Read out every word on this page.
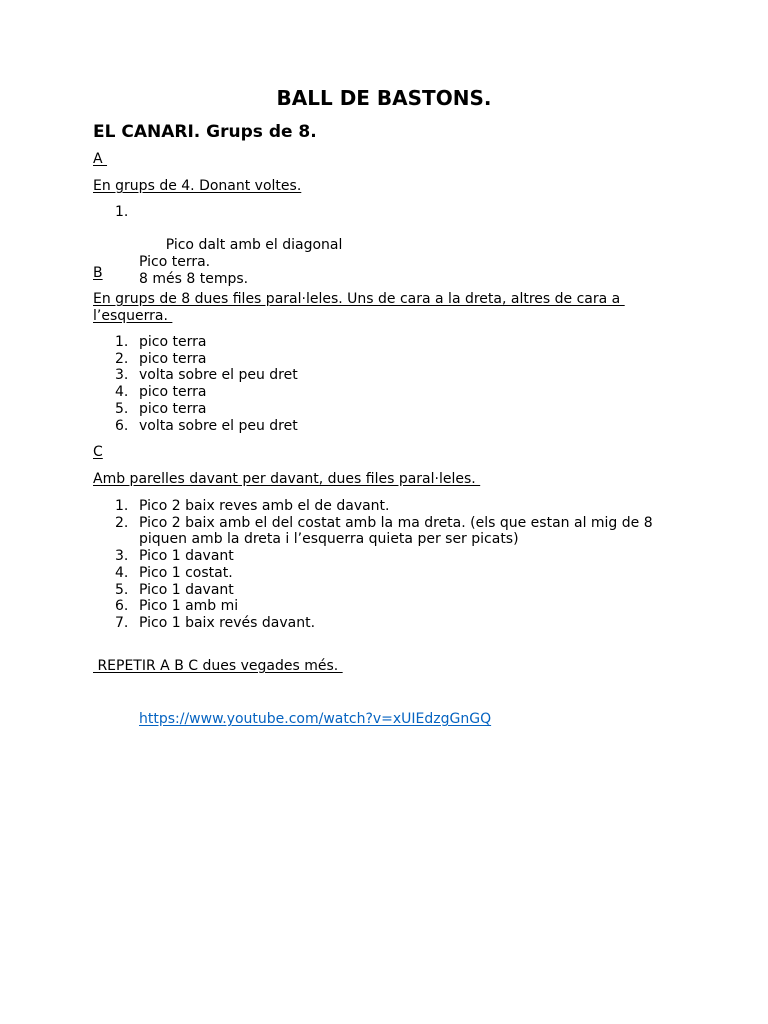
BALL DE BASTONS.
EL CANARI. Grups de 8.
A
En grups de 4. Donant voltes.

1.

Pico dalt amb el diagonal
Pico terra.
8 més 8 temps.

B
En grups de 8 dues files paral·leles. Uns de cara a la dreta, altres de cara a
l’esquerra.
1. pico terra
2. pico terra
3. volta sobre el peu dret
4. pico terra
5. pico terra
6. volta sobre el peu dret
C
Amb parelles davant per davant, dues files paral·leles.
1. Pico 2 baix reves amb el de davant.
2. Pico 2 baix amb el del costat amb la ma dreta. (els que estan al mig de 8
piquen amb la dreta i l’esquerra quieta per ser picats)
3. Pico 1 davant
4. Pico 1 costat.
5. Pico 1 davant
6. Pico 1 amb mi
7. Pico 1 baix revés davant.
REPETIR A B C dues vegades més.
https://www.youtube.com/watch?v=xUIEdzgGnGQ
